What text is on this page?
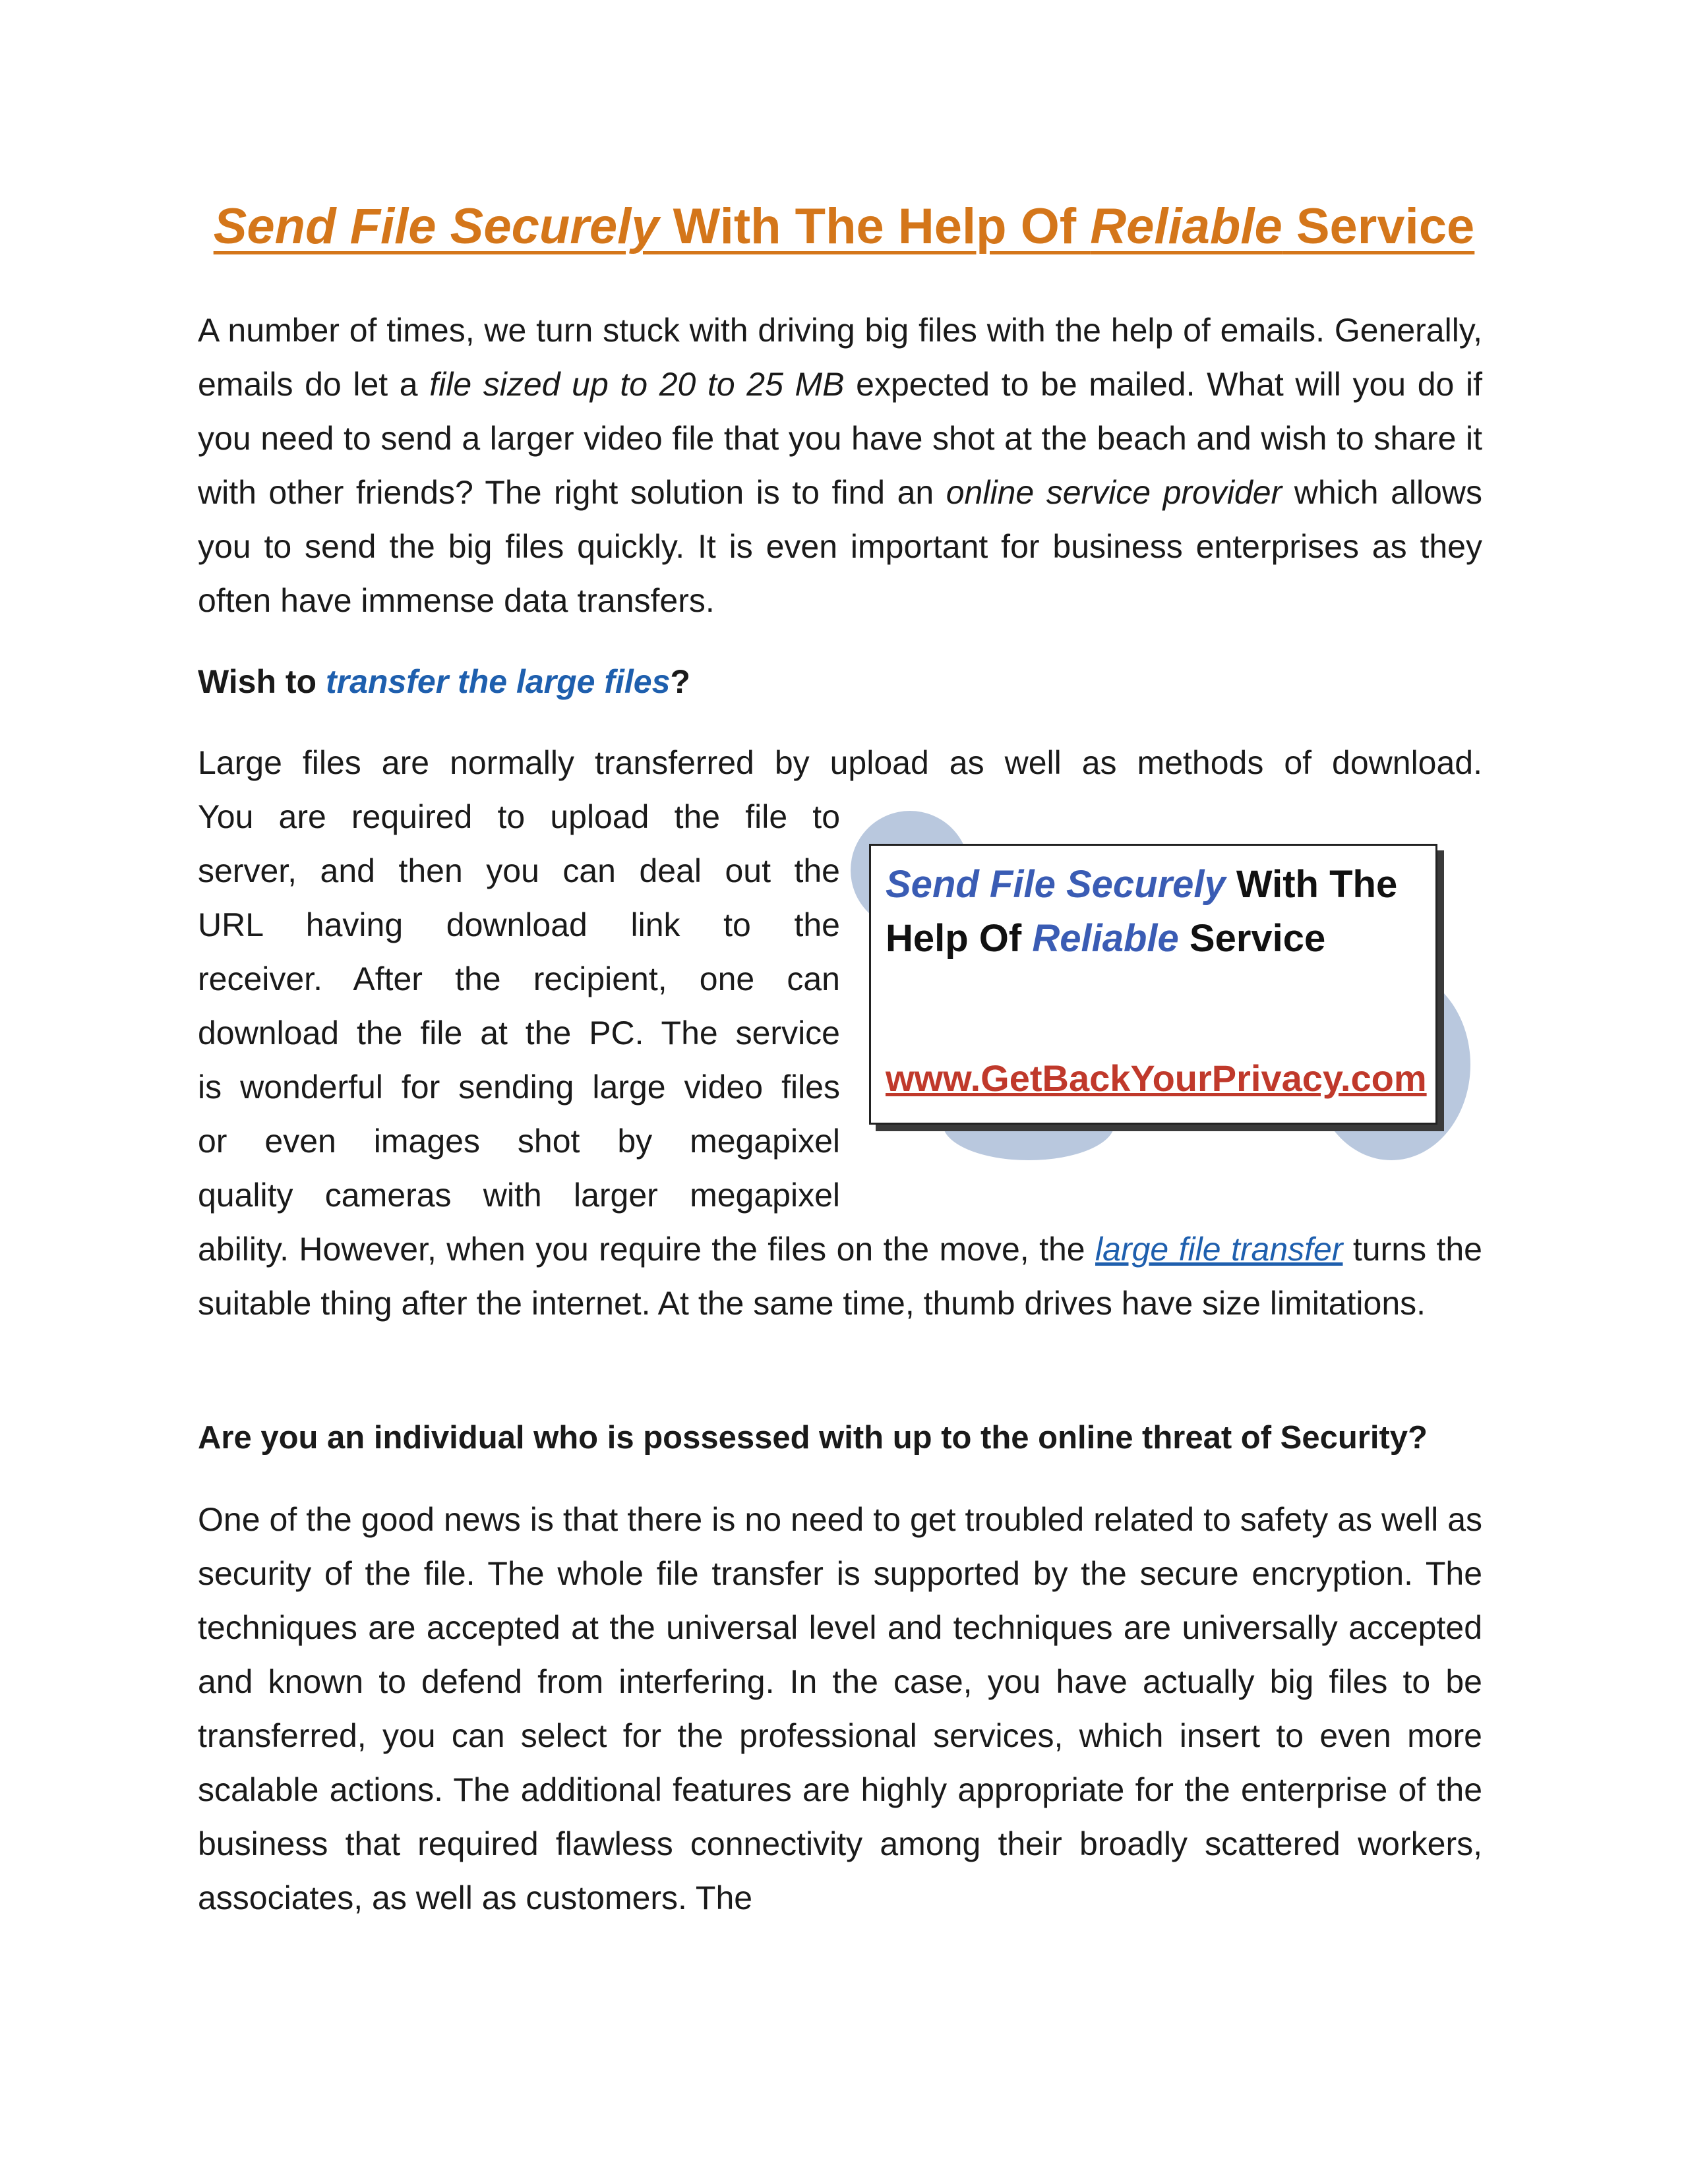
Send File Securely With The Help Of Reliable Service

A number of times, we turn stuck with driving big files with the help of emails. Generally, emails do let a file sized up to 20 to 25 MB expected to be mailed. What will you do if you need to send a larger video file that you have shot at the beach and wish to share it with other friends? The right solution is to find an online service provider which allows you to send the big files quickly. It is even important for business enterprises as they often have immense data transfers.

Wish to transfer the large files?

Large files are normally transferred by upload as well as methods of download.

You are required to upload the file to
server, and then you can deal out the
URL having download link to the
receiver. After the recipient, one can
download the file at the PC. The service
is wonderful for sending large video files
or even images shot by megapixel
quality cameras with larger megapixel

Send File Securely With The
Help Of Reliable Service

www.GetBackYourPrivacy.com

ability. However, when you require the files on the move, the large file transfer turns the suitable thing after the internet. At the same time, thumb drives have size limitations.

Are you an individual who is possessed with up to the online threat of Security?

One of the good news is that there is no need to get troubled related to safety as well as security of the file. The whole file transfer is supported by the secure encryption. The techniques are accepted at the universal level and techniques are universally accepted and known to defend from interfering. In the case, you have actually big files to be transferred, you can select for the professional services, which insert to even more scalable actions. The additional features are highly appropriate for the enterprise of the business that required flawless connectivity among their broadly scattered workers, associates, as well as customers. The
